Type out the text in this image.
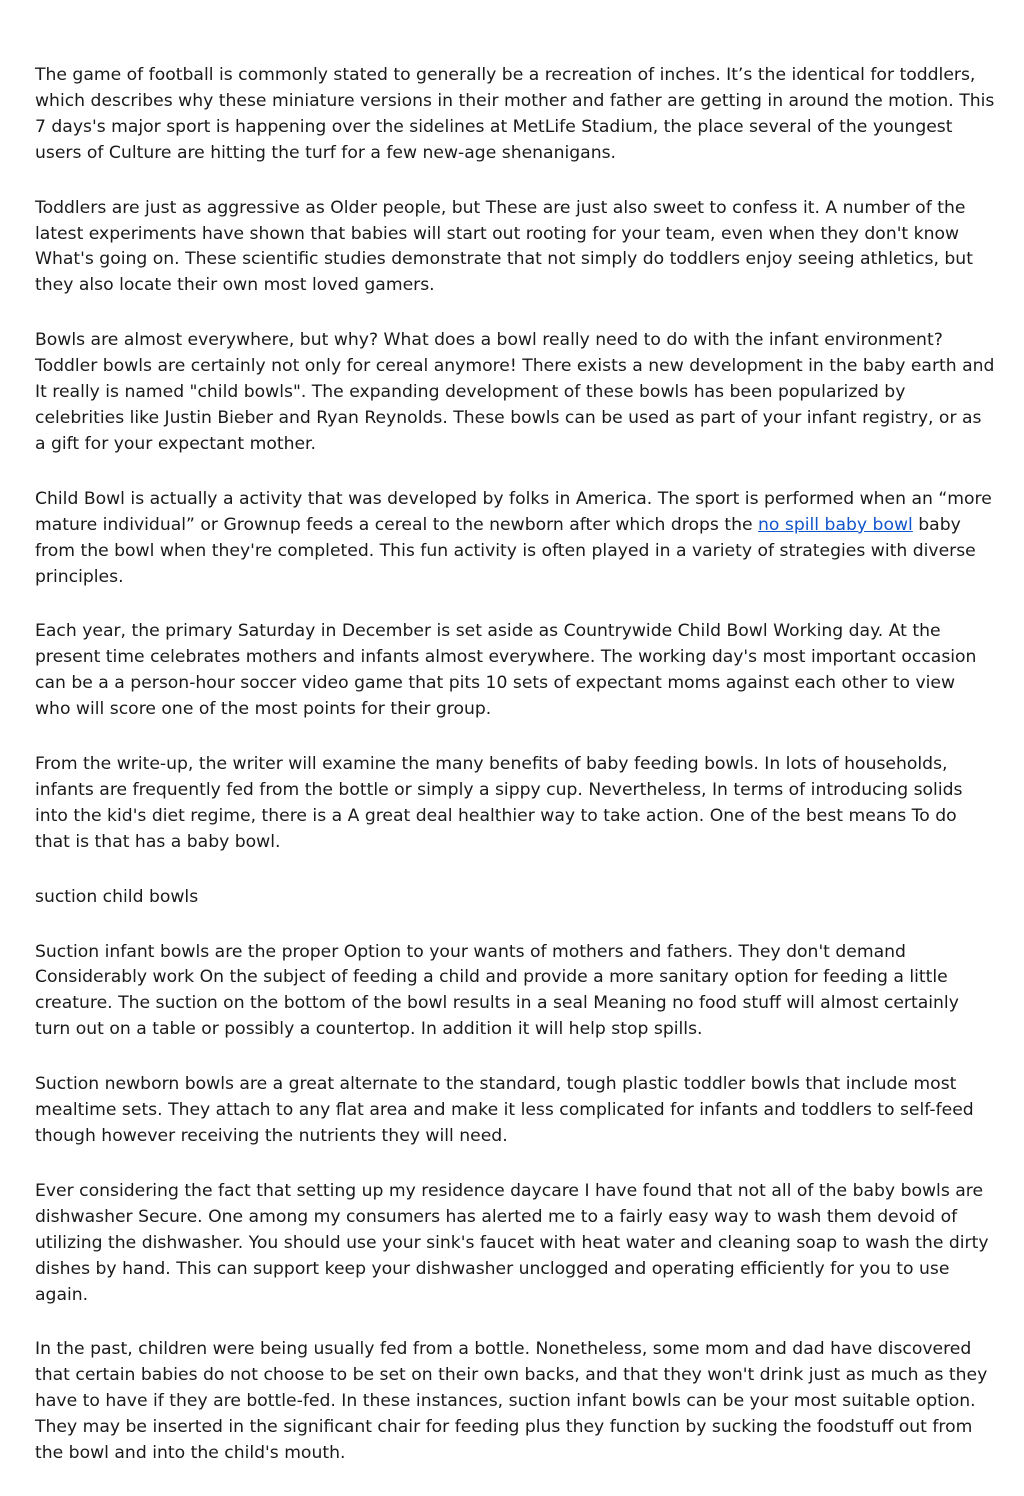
The game of football is commonly stated to generally be a recreation of inches. It’s the identical for toddlers, which describes why these miniature versions in their mother and father are getting in around the motion. This 7 days's major sport is happening over the sidelines at MetLife Stadium, the place several of the youngest users of Culture are hitting the turf for a few new-age shenanigans.

Toddlers are just as aggressive as Older people, but These are just also sweet to confess it. A number of the latest experiments have shown that babies will start out rooting for your team, even when they don't know What's going on. These scientific studies demonstrate that not simply do toddlers enjoy seeing athletics, but they also locate their own most loved gamers.

Bowls are almost everywhere, but why? What does a bowl really need to do with the infant environment? Toddler bowls are certainly not only for cereal anymore! There exists a new development in the baby earth and It really is named "child bowls". The expanding development of these bowls has been popularized by celebrities like Justin Bieber and Ryan Reynolds. These bowls can be used as part of your infant registry, or as a gift for your expectant mother.

Child Bowl is actually a activity that was developed by folks in America. The sport is performed when an “more mature individual” or Grownup feeds a cereal to the newborn after which drops the no spill baby bowl baby from the bowl when they're completed. This fun activity is often played in a variety of strategies with diverse principles.

Each year, the primary Saturday in December is set aside as Countrywide Child Bowl Working day. At the present time celebrates mothers and infants almost everywhere. The working day's most important occasion can be a a person-hour soccer video game that pits 10 sets of expectant moms against each other to view who will score one of the most points for their group.

From the write-up, the writer will examine the many benefits of baby feeding bowls. In lots of households, infants are frequently fed from the bottle or simply a sippy cup. Nevertheless, In terms of introducing solids into the kid's diet regime, there is a A great deal healthier way to take action. One of the best means To do that is that has a baby bowl.

suction child bowls

Suction infant bowls are the proper Option to your wants of mothers and fathers. They don't demand Considerably work On the subject of feeding a child and provide a more sanitary option for feeding a little creature. The suction on the bottom of the bowl results in a seal Meaning no food stuff will almost certainly turn out on a table or possibly a countertop. In addition it will help stop spills.

Suction newborn bowls are a great alternate to the standard, tough plastic toddler bowls that include most mealtime sets. They attach to any flat area and make it less complicated for infants and toddlers to self-feed though however receiving the nutrients they will need.

Ever considering the fact that setting up my residence daycare I have found that not all of the baby bowls are dishwasher Secure. One among my consumers has alerted me to a fairly easy way to wash them devoid of utilizing the dishwasher. You should use your sink's faucet with heat water and cleaning soap to wash the dirty dishes by hand. This can support keep your dishwasher unclogged and operating efficiently for you to use again.

In the past, children were being usually fed from a bottle. Nonetheless, some mom and dad have discovered that certain babies do not choose to be set on their own backs, and that they won't drink just as much as they have to have if they are bottle-fed. In these instances, suction infant bowls can be your most suitable option. They may be inserted in the significant chair for feeding plus they function by sucking the foodstuff out from the bowl and into the child's mouth.
